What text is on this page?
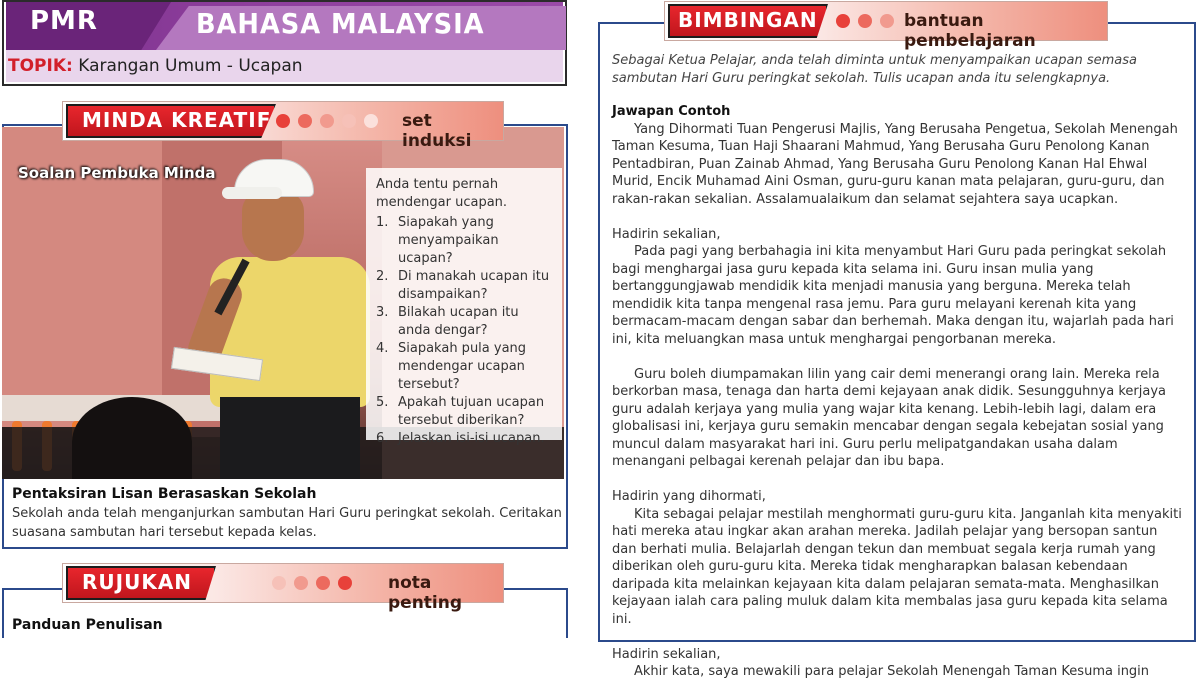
PMR	BAHASA MALAYSIA
TOPIK: Karangan Umum - Ucapan
MINDA KREATIF	set induksi
Soalan Pembuka Minda
Anda tentu pernah mendengar ucapan.
1. Siapakah yang menyampaikan ucapan?
2. Di manakah ucapan itu disampaikan?
3. Bilakah ucapan itu anda dengar?
4. Siapakah pula yang mendengar ucapan tersebut?
5. Apakah tujuan ucapan tersebut diberikan?
6. Jelaskan isi-isi ucapan.
Pentaksiran Lisan Berasaskan Sekolah
Sekolah anda telah menganjurkan sambutan Hari Guru peringkat sekolah. Ceritakan suasana sambutan hari tersebut kepada kelas.
RUJUKAN	nota penting
Panduan Penulisan
BIMBINGAN	bantuan pembelajaran

Sebagai Ketua Pelajar, anda telah diminta untuk menyampaikan ucapan semasa sambutan Hari Guru peringkat sekolah. Tulis ucapan anda itu selengkapnya.

Jawapan Contoh

Yang Dihormati Tuan Pengerusi Majlis, Yang Berusaha Pengetua, Sekolah Menengah Taman Kesuma, Tuan Haji Shaarani Mahmud, Yang Berusaha Guru Penolong Kanan Pentadbiran, Puan Zainab Ahmad, Yang Berusaha Guru Penolong Kanan Hal Ehwal Murid, Encik Muhamad Aini Osman, guru-guru kanan mata pelajaran, guru-guru, dan rakan-rakan sekalian. Assalamualaikum dan selamat sejahtera saya ucapkan.

Hadirin sekalian,

Pada pagi yang berbahagia ini kita menyambut Hari Guru pada peringkat sekolah bagi menghargai jasa guru kepada kita selama ini. Guru insan mulia yang bertanggungjawab mendidik kita menjadi manusia yang berguna. Mereka telah mendidik kita tanpa mengenal rasa jemu. Para guru melayani kerenah kita yang bermacam-macam dengan sabar dan berhemah. Maka dengan itu, wajarlah pada hari ini, kita meluangkan masa untuk menghargai pengorbanan mereka.

Guru boleh diumpamakan lilin yang cair demi menerangi orang lain. Mereka rela berkorban masa, tenaga dan harta demi kejayaan anak didik. Sesungguhnya kerjaya guru adalah kerjaya yang mulia yang wajar kita kenang. Lebih-lebih lagi, dalam era globalisasi ini, kerjaya guru semakin mencabar dengan segala kebejatan sosial yang muncul dalam masyarakat hari ini. Guru perlu melipatgandakan usaha dalam menangani pelbagai kerenah pelajar dan ibu bapa.

Hadirin yang dihormati,

Kita sebagai pelajar mestilah menghormati guru-guru kita. Janganlah kita menyakiti hati mereka atau ingkar akan arahan mereka. Jadilah pelajar yang bersopan santun dan berhati mulia. Belajarlah dengan tekun dan membuat segala kerja rumah yang diberikan oleh guru-guru kita. Mereka tidak mengharapkan balasan kebendaan daripada kita melainkan kejayaan kita dalam pelajaran semata-mata. Menghasilkan kejayaan ialah cara paling muluk dalam kita membalas jasa guru kepada kita selama ini.

Hadirin sekalian,

Akhir kata, saya mewakili para pelajar Sekolah Menengah Taman Kesuma ingin
